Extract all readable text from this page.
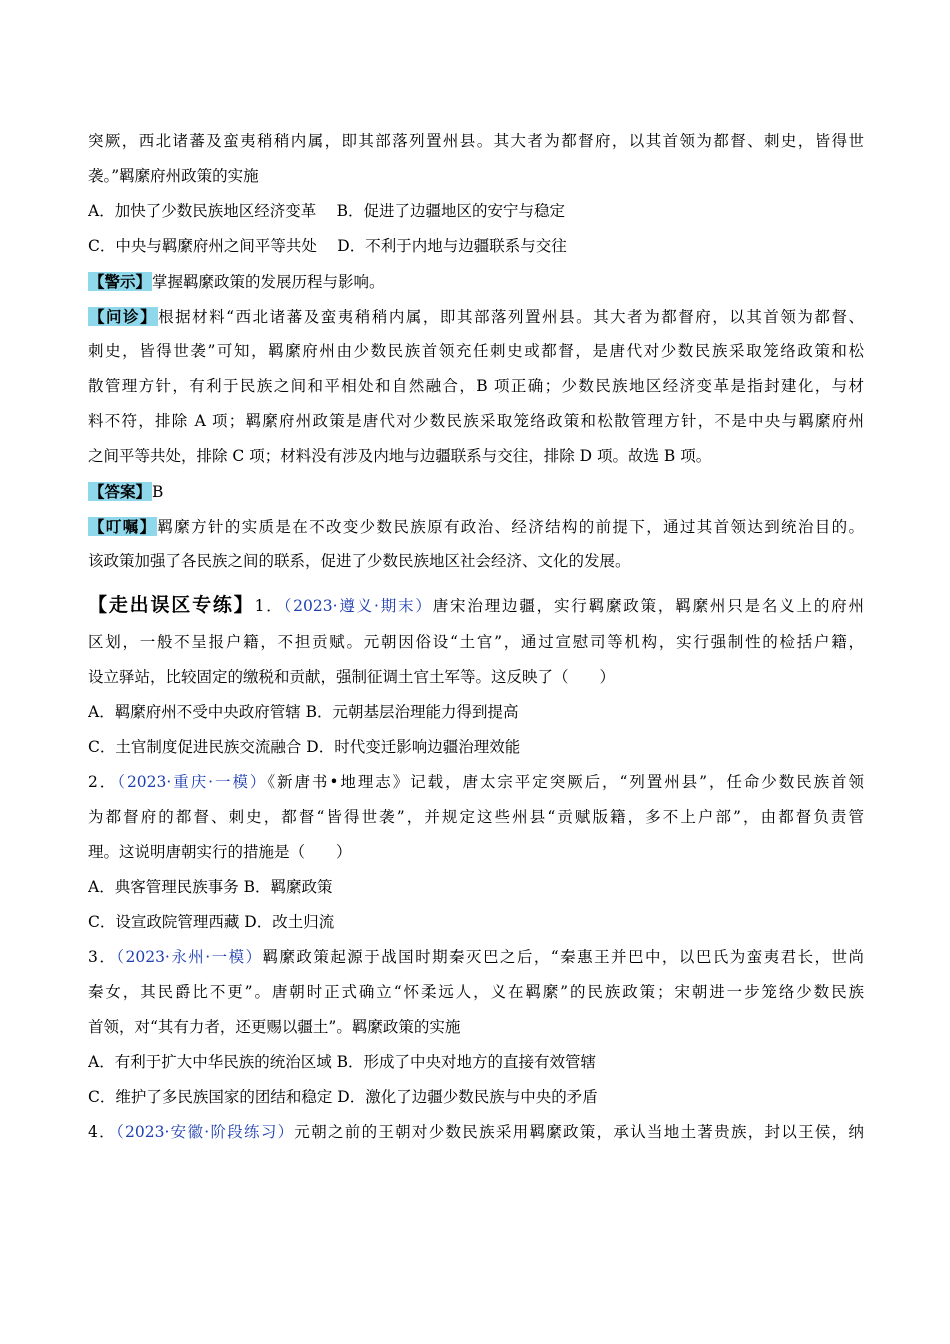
突厥，西北诸蕃及蛮夷稍稍内属，即其部落列置州县。其大者为都督府，以其首领为都督、刺史，皆得世

袭。”羁縻府州政策的实施

A．加快了少数民族地区经济变革　 B．促进了边疆地区的安宁与稳定

C．中央与羁縻府州之间平等共处　 D．不利于内地与边疆联系与交往

【警示】掌握羁縻政策的发展历程与影响。

【问诊】根据材料“西北诸蕃及蛮夷稍稍内属，即其部落列置州县。其大者为都督府，以其首领为都督、

刺史，皆得世袭”可知，羁縻府州由少数民族首领充任刺史或都督，是唐代对少数民族采取笼络政策和松

散管理方针，有利于民族之间和平相处和自然融合，B 项正确；少数民族地区经济变革是指封建化，与材

料不符，排除 A 项；羁縻府州政策是唐代对少数民族采取笼络政策和松散管理方针，不是中央与羁縻府州

之间平等共处，排除 C 项；材料没有涉及内地与边疆联系与交往，排除 D 项。故选 B 项。

【答案】B

【叮嘱】羁縻方针的实质是在不改变少数民族原有政治、经济结构的前提下，通过其首领达到统治目的。

该政策加强了各民族之间的联系，促进了少数民族地区社会经济、文化的发展。

【走出误区专练】1．（2023·遵义·期末）唐宋治理边疆，实行羁縻政策，羁縻州只是名义上的府州

区划，一般不呈报户籍，不担贡赋。元朝因俗设“土官”，通过宣慰司等机构，实行强制性的检括户籍，

设立驿站，比较固定的缴税和贡献，强制征调土官土军等。这反映了（　　）

A．羁縻府州不受中央政府管辖 B．元朝基层治理能力得到提高

C．土官制度促进民族交流融合 D．时代变迁影响边疆治理效能

2．（2023·重庆·一模）《新唐书•地理志》记载，唐太宗平定突厥后，“列置州县”，任命少数民族首领

为都督府的都督、刺史，都督“皆得世袭”，并规定这些州县“贡赋版籍，多不上户部”，由都督负责管

理。这说明唐朝实行的措施是（　　）

A．典客管理民族事务 B．羁縻政策

C．设宣政院管理西藏 D．改土归流

3．（2023·永州·一模）羁縻政策起源于战国时期秦灭巴之后，“秦惠王并巴中，以巴氏为蛮夷君长，世尚

秦女，其民爵比不更”。唐朝时正式确立“怀柔远人，义在羁縻”的民族政策；宋朝进一步笼络少数民族

首领，对“其有力者，还更赐以疆土”。羁縻政策的实施

A．有利于扩大中华民族的统治区域 B．形成了中央对地方的直接有效管辖

C．维护了多民族国家的团结和稳定 D．激化了边疆少数民族与中央的矛盾

4．（2023·安徽·阶段练习）元朝之前的王朝对少数民族采用羁縻政策，承认当地土著贵族，封以王侯，纳
